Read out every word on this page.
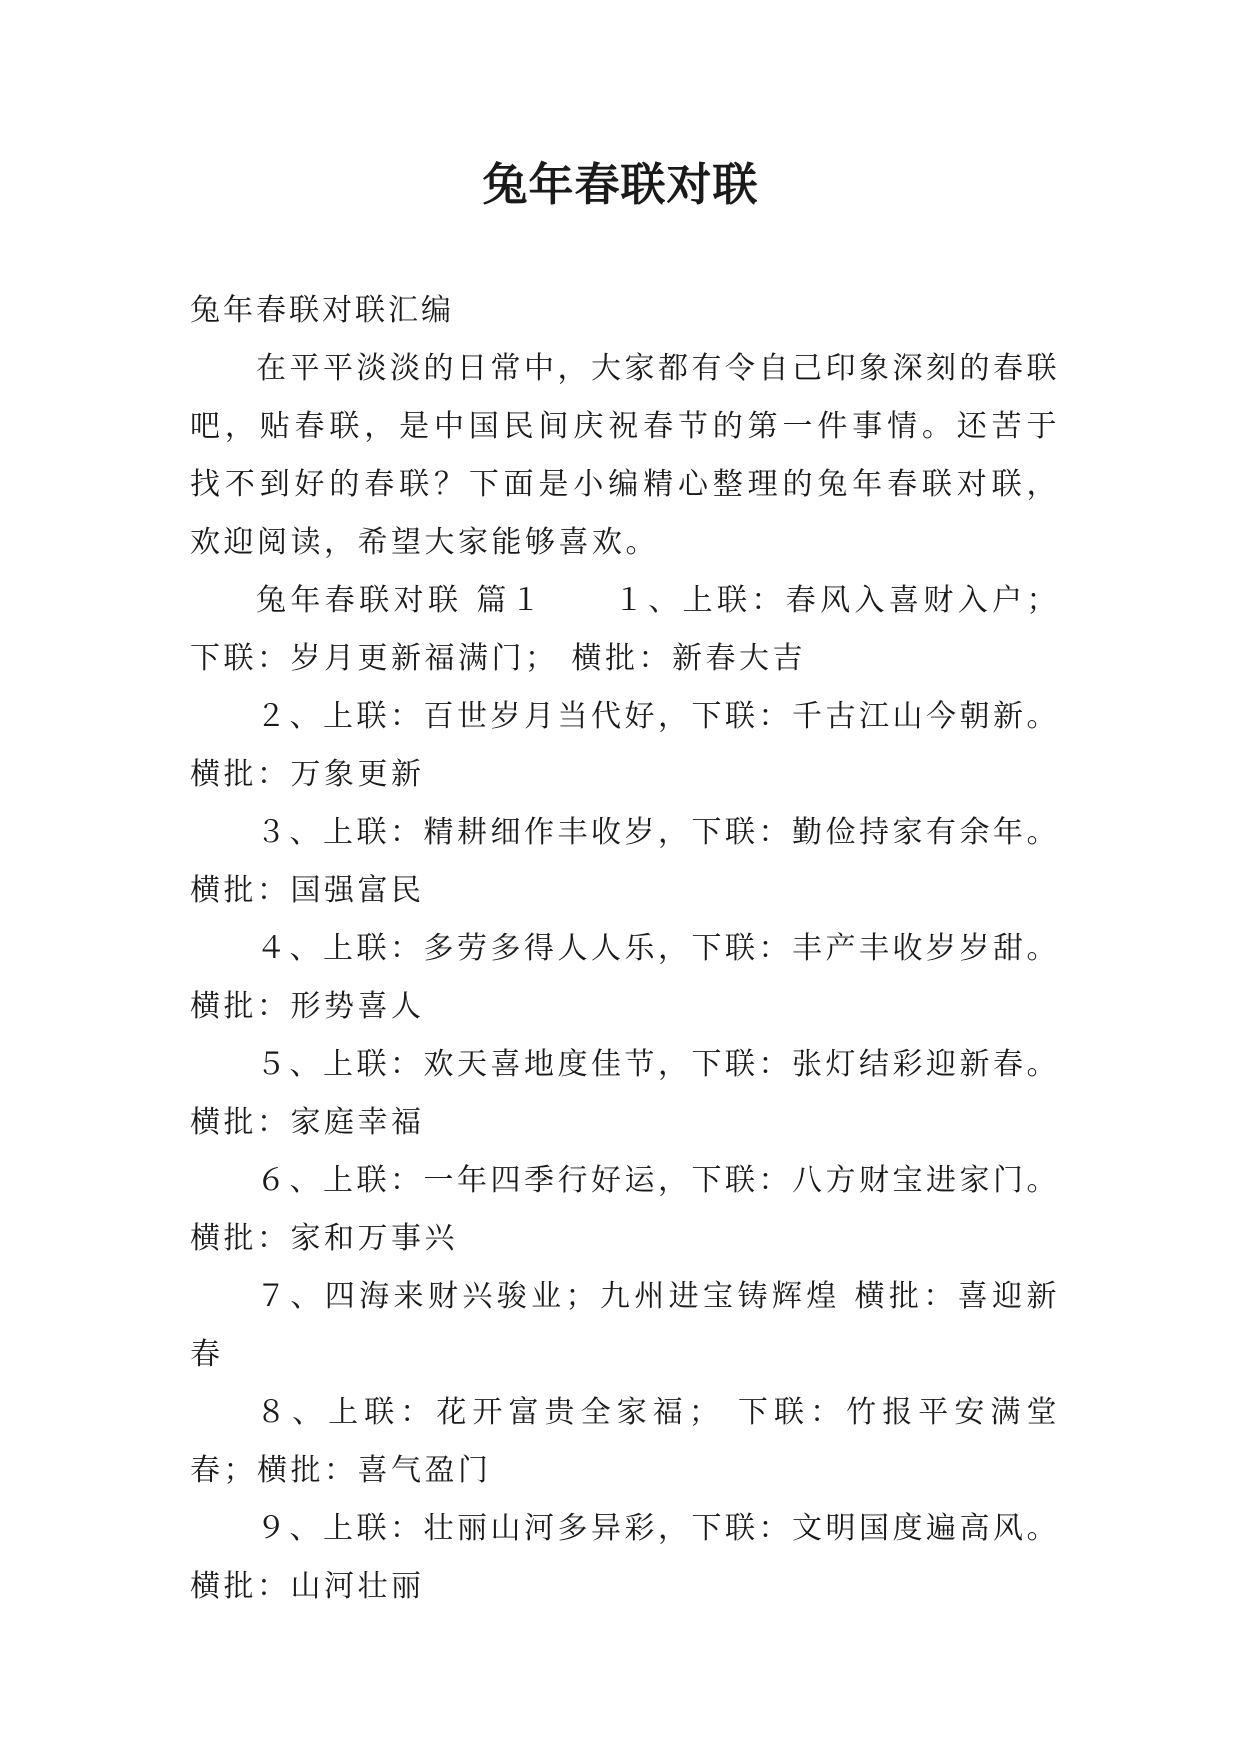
兔年春联对联

兔年春联对联汇编

在平平淡淡的日常中，大家都有令自己印象深刻的春联吧，贴春联，是中国民间庆祝春节的第一件事情。还苦于找不到好的春联？下面是小编精心整理的兔年春联对联，欢迎阅读，希望大家能够喜欢。

兔年春联对联 篇１　　１、上联：春风入喜财入户； 下联：岁月更新福满门； 横批：新春大吉

２、上联：百世岁月当代好，下联：千古江山今朝新。横批：万象更新

３、上联：精耕细作丰收岁，下联：勤俭持家有余年。横批：国强富民

４、上联：多劳多得人人乐，下联：丰产丰收岁岁甜。横批：形势喜人

５、上联：欢天喜地度佳节，下联：张灯结彩迎新春。横批：家庭幸福

６、上联：一年四季行好运，下联：八方财宝进家门。横批：家和万事兴

７、四海来财兴骏业；九州进宝铸辉煌 横批：喜迎新春

８、上联：花开富贵全家福； 下联：竹报平安满堂春；横批：喜气盈门

９、上联：壮丽山河多异彩，下联：文明国度遍高风。横批：山河壮丽
